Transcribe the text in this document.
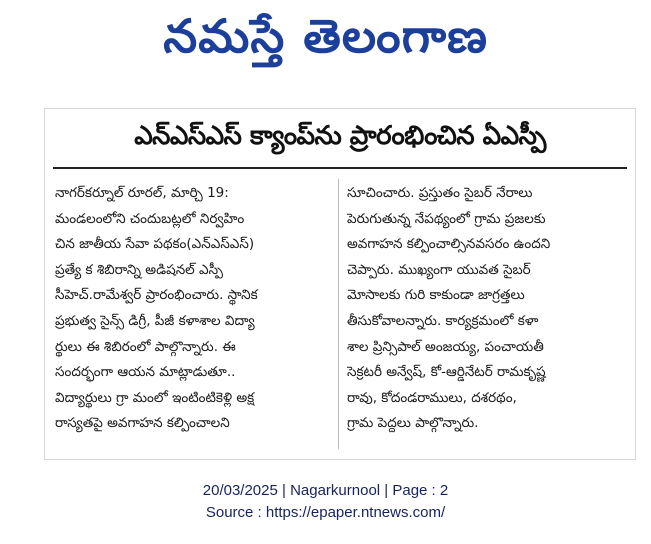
నమస్తే తెలంగాణ
ఎన్‌ఎస్‌ఎస్ క్యాంప్‌ను ప్రారంభించిన ఏఎస్పీ
నాగర్‌కర్నూల్ రూరల్, మార్చి 19:
మండలంలోని చందుబట్లలో నిర్వహిం
చిన జాతీయ సేవా పథకం(ఎన్‌ఎస్‌ఎస్)
ప్రత్యే క శిబిరాన్ని అడిషనల్ ఎస్పీ
సీహెచ్.రామేశ్వర్ ప్రారంభించారు. స్థానిక
ప్రభుత్వ సైన్స్ డిగ్రీ, పీజీ కళాశాల విద్యా
ర్థులు ఈ శిబిరంలో పాల్గొన్నారు. ఈ
సందర్భంగా ఆయన మాట్లాడుతూ..
విద్యార్థులు గ్రా మంలో ఇంటింటికెళ్లి అక్ష
రాస్యతపై అవగాహన కల్పించాలని
సూచించారు. ప్రస్తుతం సైబర్ నేరాలు
పెరుగుతున్న నేపథ్యంలో గ్రామ ప్రజలకు
అవగాహన కల్పించాల్సినవసరం ఉందని
చెప్పారు. ముఖ్యంగా యువత సైబర్
మోసాలకు గురి కాకుండా జాగ్రత్తలు
తీసుకోవాలన్నారు. కార్యక్రమంలో కళా
శాల ప్రిన్సిపాల్ అంజయ్య, పంచాయతీ
సెక్రటరీ అన్వేష్, కో-ఆర్డినేటర్ రామకృష్ణ
రావు, కోదండరాములు, దశరథం,
గ్రామ పెద్దలు పాల్గొన్నారు.
20/03/2025 | Nagarkurnool | Page : 2
Source : https://epaper.ntnews.com/
